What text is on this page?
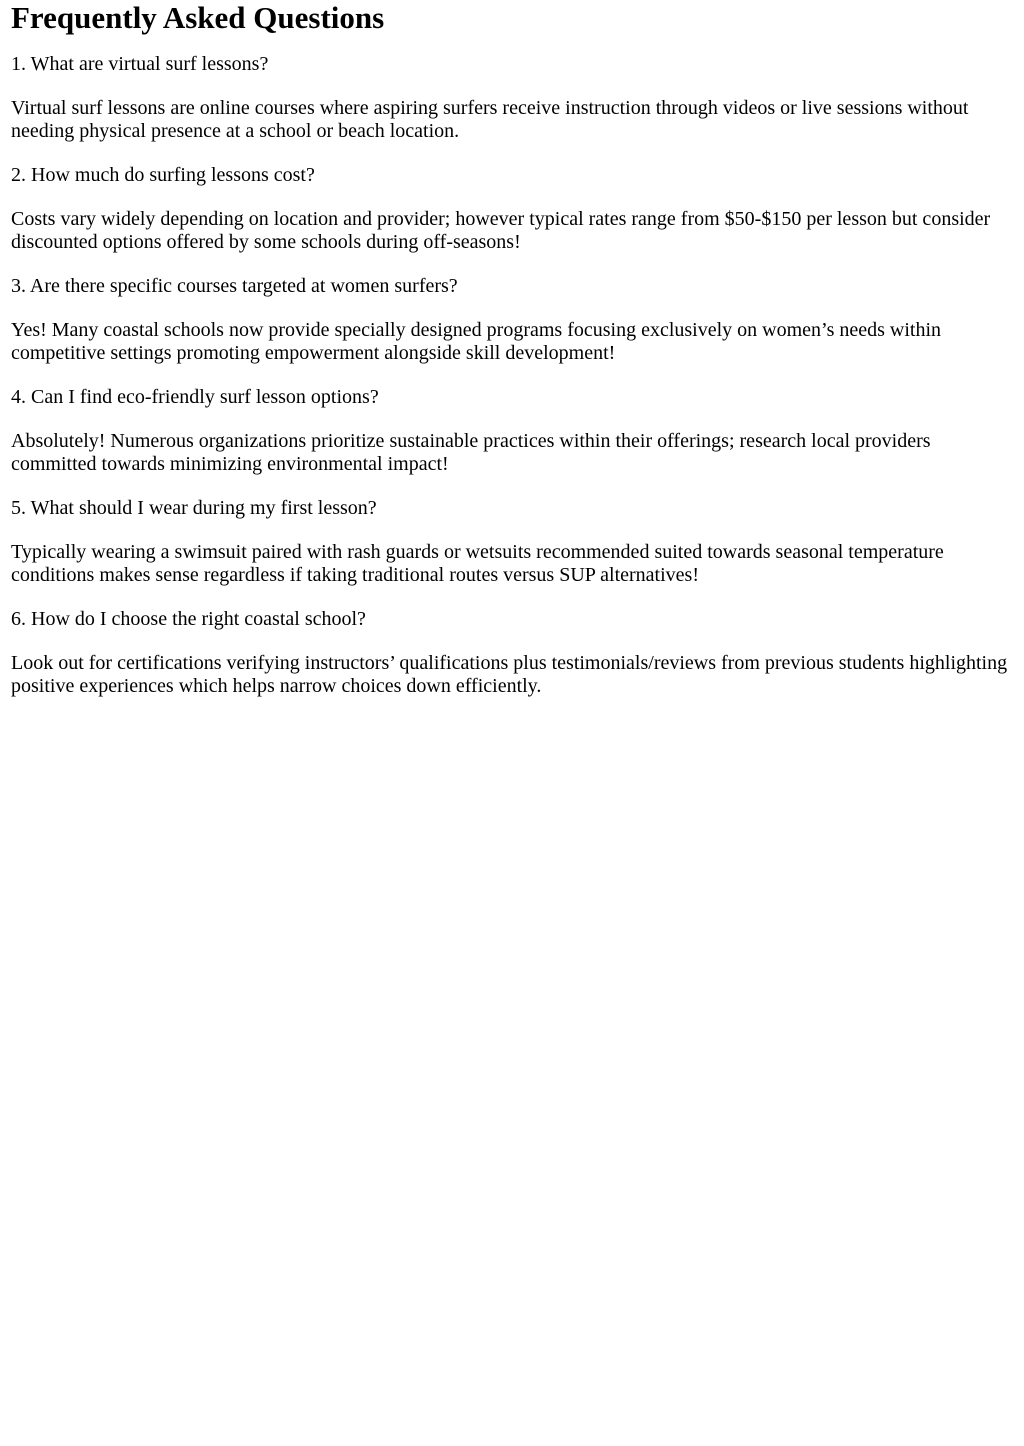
Frequently Asked Questions

1. What are virtual surf lessons?

Virtual surf lessons are online courses where aspiring surfers receive instruction through videos or live sessions without needing physical presence at a school or beach location.

2. How much do surfing lessons cost?

Costs vary widely depending on location and provider; however typical rates range from $50-$150 per lesson but consider discounted options offered by some schools during off-seasons!

3. Are there specific courses targeted at women surfers?

Yes! Many coastal schools now provide specially designed programs focusing exclusively on women’s needs within competitive settings promoting empowerment alongside skill development!

4. Can I find eco-friendly surf lesson options?

Absolutely! Numerous organizations prioritize sustainable practices within their offerings; research local providers committed towards minimizing environmental impact!

5. What should I wear during my first lesson?

Typically wearing a swimsuit paired with rash guards or wetsuits recommended suited towards seasonal temperature conditions makes sense regardless if taking traditional routes versus SUP alternatives!

6. How do I choose the right coastal school?

Look out for certifications verifying instructors’ qualifications plus testimonials/reviews from previous students highlighting positive experiences which helps narrow choices down efficiently.
